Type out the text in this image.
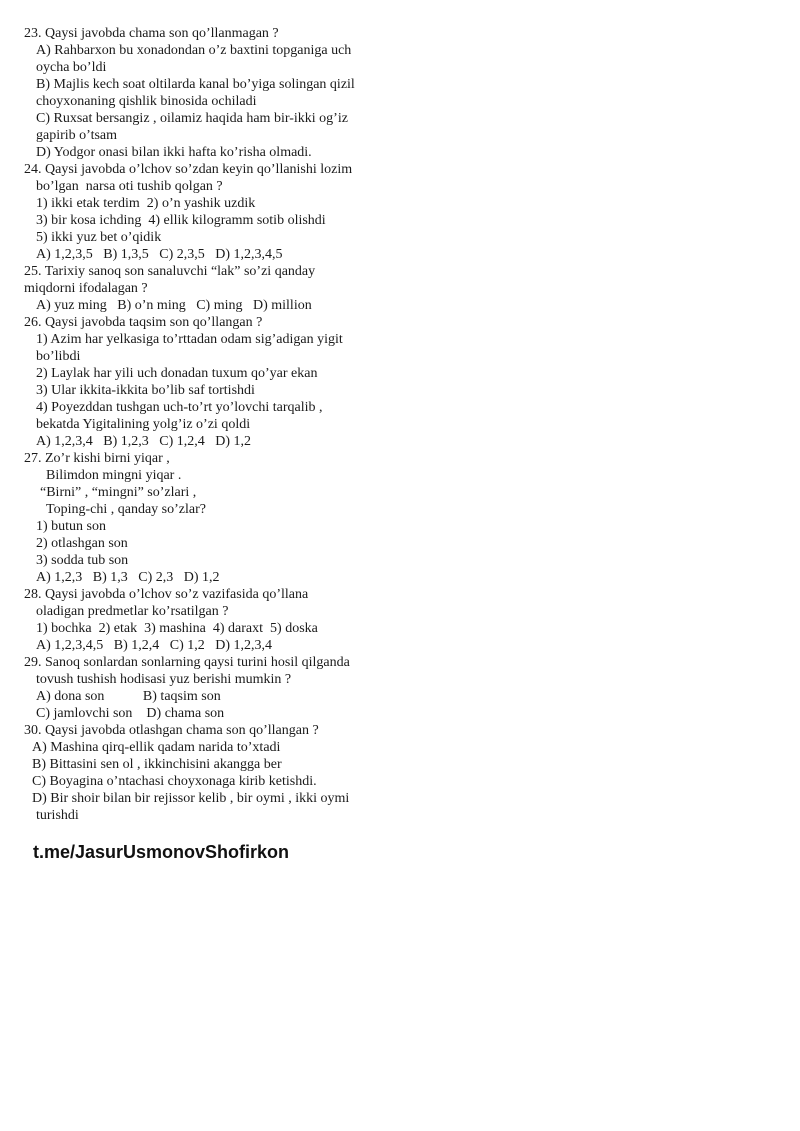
23. Qaysi javobda chama son qo’llanmagan ?
A) Rahbarxon bu xonadondan o’z baxtini topganiga uch
oycha bo’ldi
B) Majlis kech soat oltilarda kanal bo’yiga solingan qizil
choyxonaning qishlik binosida ochiladi
C) Ruxsat bersangiz , oilamiz haqida ham bir-ikki og’iz
gapirib o’tsam
D) Yodgor onasi bilan ikki hafta ko’risha olmadi.
24. Qaysi javobda o’lchov so’zdan keyin qo’llanishi lozim
bo’lgan  narsa oti tushib qolgan ?
1) ikki etak terdim  2) o’n yashik uzdik
3) bir kosa ichding  4) ellik kilogramm sotib olishdi
5) ikki yuz bet o’qidik
A) 1,2,3,5   B) 1,3,5   C) 2,3,5   D) 1,2,3,4,5
25. Tarixiy sanoq son sanaluvchi “lak” so’zi qanday
miqdorni ifodalagan ?
A) yuz ming   B) o’n ming   C) ming   D) million
26. Qaysi javobda taqsim son qo’llangan ?
1) Azim har yelkasiga to’rttadan odam sigʼadigan yigit
bo’libdi
2) Laylak har yili uch donadan tuxum qo’yar ekan
3) Ular ikkita-ikkita bo’lib saf tortishdi
4) Poyezddan tushgan uch-to’rt yo’lovchi tarqalib ,
bekatda Yigitalining yolg’iz o’zi qoldi
A) 1,2,3,4   B) 1,2,3   C) 1,2,4   D) 1,2
27. Zo’r kishi birni yiqar ,
Bilimdon mingni yiqar .
“Birni” , “mingni” so’zlari ,
Toping-chi , qanday so’zlar?
1) butun son
2) otlashgan son
3) sodda tub son
A) 1,2,3   B) 1,3   C) 2,3   D) 1,2
28. Qaysi javobda o’lchov so’z vazifasida qo’llana
oladigan predmetlar ko’rsatilgan ?
1) bochka  2) etak  3) mashina  4) daraxt  5) doska
A) 1,2,3,4,5   B) 1,2,4   C) 1,2   D) 1,2,3,4
29. Sanoq sonlardan sonlarning qaysi turini hosil qilganda
tovush tushish hodisasi yuz berishi mumkin ?
A) dona son           B) taqsim son
C) jamlovchi son    D) chama son
30. Qaysi javobda otlashgan chama son qo’llangan ?
A) Mashina qirq-ellik qadam narida to’xtadi
B) Bittasini sen ol , ikkinchisini akangga ber
C) Boyagina o’ntachasi choyxonaga kirib ketishdi.
D) Bir shoir bilan bir rejissor kelib , bir oymi , ikki oymi
turishdi
t.me/JasurUsmonovShofirkon
